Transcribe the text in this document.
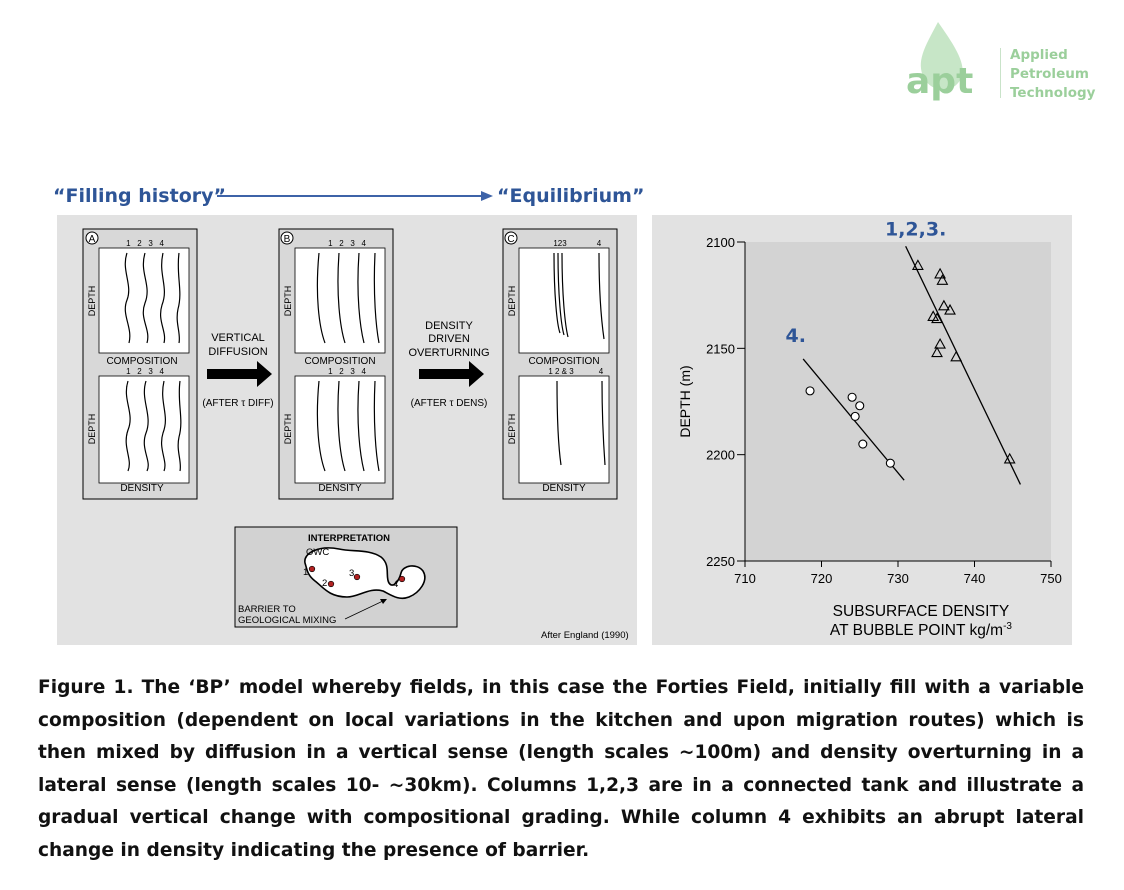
apt
Applied
Petroleum
Technology
“Filling history”	“Equilibrium”
A	1   2   3   4
DEPTH
COMPOSITION
1   2   3   4
DEPTH
DENSITY
VERTICAL
DIFFUSION
(AFTER τ DIFF)
B	1   2   3   4
DEPTH
COMPOSITION
1   2   3   4
DEPTH
DENSITY
DENSITY
DRIVEN
OVERTURNING
(AFTER τ DENS)
C	123	4
DEPTH
COMPOSITION
1 2 & 3	4
DEPTH
DENSITY
INTERPRETATION
OWC
1
2
3
4
BARRIER TO
GEOLOGICAL MIXING
After England (1990)
2100
2150
2200
2250
710	720	730	740	750
1,2,3.
4.
DEPTH (m)
SUBSURFACE DENSITY
AT BUBBLE POINT $kg/m^{-3}$
Figure 1. The ‘BP’ model whereby fields, in this case the Forties Field, initially fill with a variable composition (dependent on local variations in the kitchen and upon migration routes) which is then mixed by diffusion in a vertical sense (length scales ~100m) and density overturning in a lateral sense (length scales 10- ~30km). Columns 1,2,3 are in a connected tank and illustrate a gradual vertical change with compositional grading. While column 4 exhibits an abrupt lateral change in density indicating the presence of barrier.
